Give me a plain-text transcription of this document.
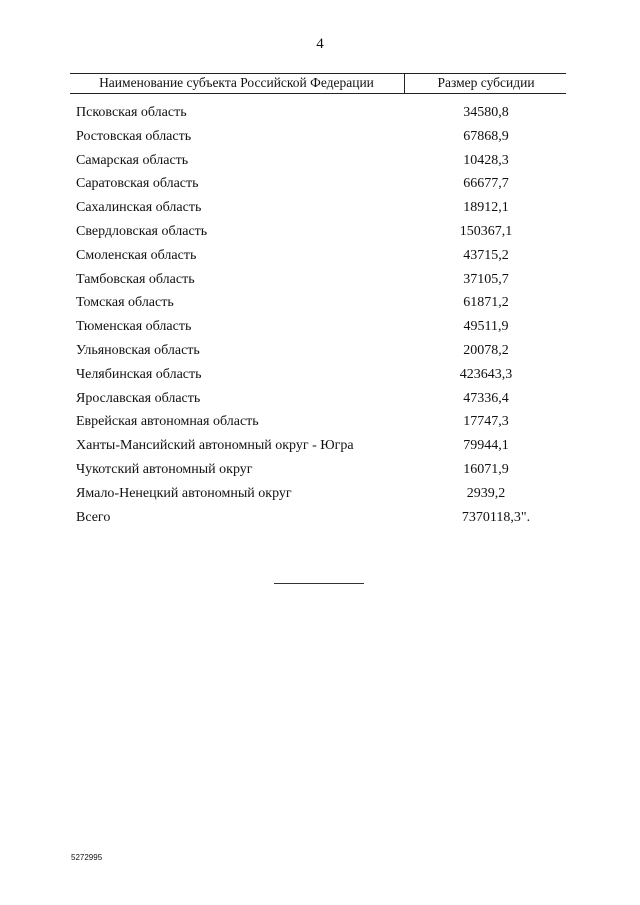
4
Наименование субъекта Российской Федерации	Размер субсидии
Псковская область	34580,8
Ростовская область	67868,9
Самарская область	10428,3
Саратовская область	66677,7
Сахалинская область	18912,1
Свердловская область	150367,1
Смоленская область	43715,2
Тамбовская область	37105,7
Томская область	61871,2
Тюменская область	49511,9
Ульяновская область	20078,2
Челябинская область	423643,3
Ярославская область	47336,4
Еврейская автономная область	17747,3
Ханты-Мансийский автономный округ - Югра	79944,1
Чукотский автономный округ	16071,9
Ямало-Ненецкий автономный округ	2939,2
Всего	7370118,3".
5272995
